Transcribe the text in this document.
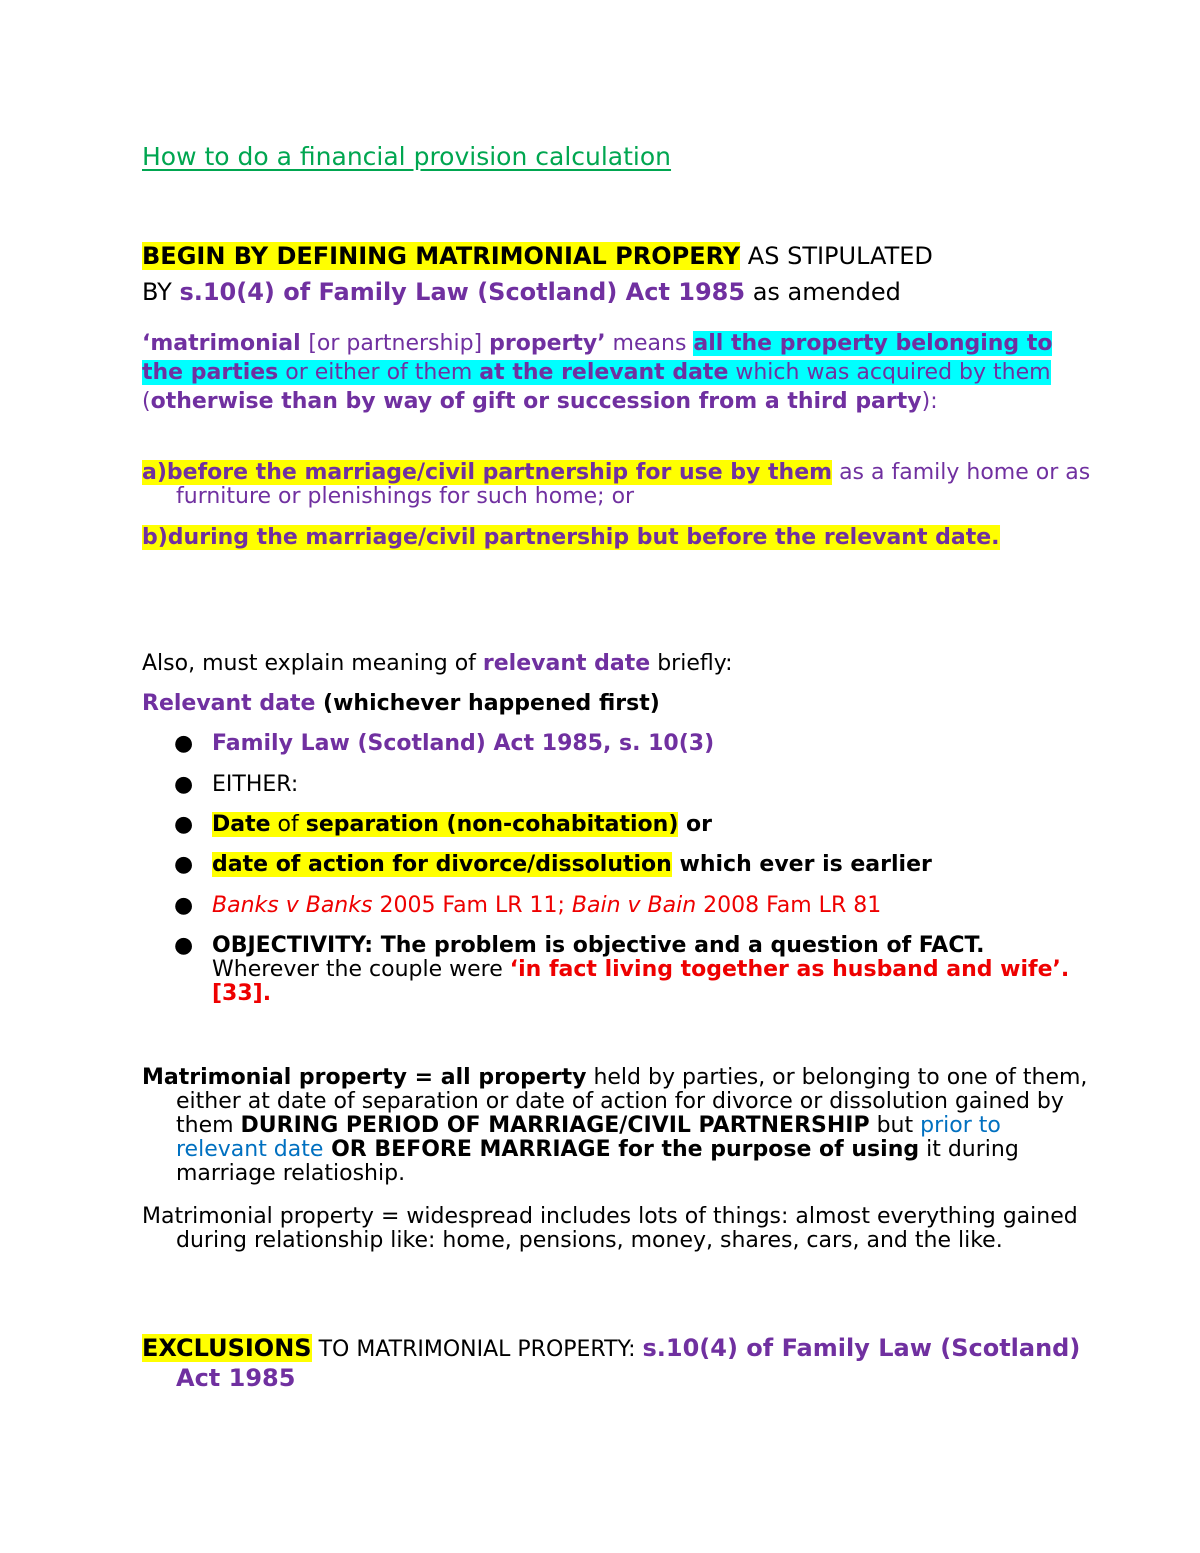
How to do a financial provision calculation
BEGIN BY DEFINING MATRIMONIAL PROPERY AS STIPULATED
BY s.10(4) of Family Law (Scotland) Act 1985 as amended
‘matrimonial [or partnership] property’ means all the property belonging to the parties or either of them at the relevant date which was acquired by them (otherwise than by way of gift or succession from a third party):
a)before the marriage/civil partnership for use by them as a family home or as furniture or plenishings for such home; or
b)during the marriage/civil partnership but before the relevant date.
Also, must explain meaning of relevant date briefly:
Relevant date (whichever happened first)
● Family Law (Scotland) Act 1985, s. 10(3)
● EITHER:
● Date of separation (non-cohabitation) or
● date of action for divorce/dissolution which ever is earlier
● Banks v Banks 2005 Fam LR 11; Bain v Bain 2008 Fam LR 81
● OBJECTIVITY: The problem is objective and a question of FACT.
Wherever the couple were ‘in fact living together as husband and wife’. [33].
Matrimonial property = all property held by parties, or belonging to one of them, either at date of separation or date of action for divorce or dissolution gained by them DURING PERIOD OF MARRIAGE/CIVIL PARTNERSHIP but prior to relevant date OR BEFORE MARRIAGE for the purpose of using it during marriage relatioship.
Matrimonial property = widespread includes lots of things: almost everything gained during relationship like: home, pensions, money, shares, cars, and the like.
EXCLUSIONS TO MATRIMONIAL PROPERTY: s.10(4) of Family Law (Scotland) Act 1985
